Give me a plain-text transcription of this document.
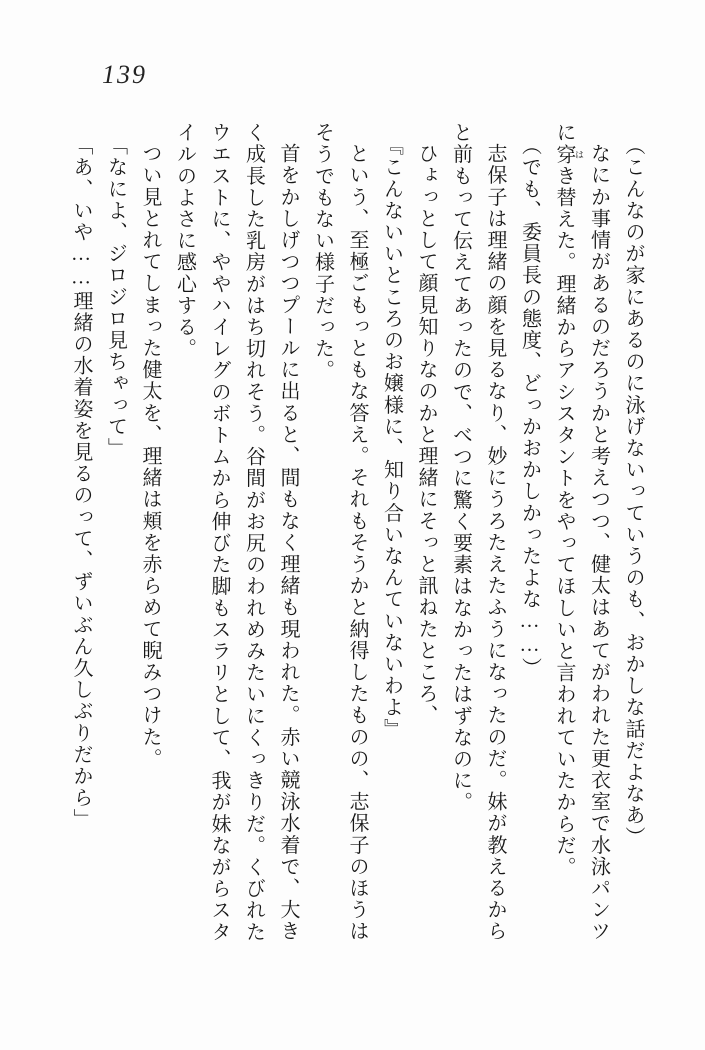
139

（こんなのが家にあるのに泳げないっていうのも、おかしな話だよなあ）

なにか事情があるのだろうかと考えつつ、健太はあてがわれた更衣室で水泳パンツに穿 はき替えた。理緒からアシスタントをやってほしいと言われていたからだ。

（でも、委員長の態度、どっかおかしかったよな……）

志保子は理緒の顔を見るなり、妙にうろたえたふうになったのだ。妹が教えるからと前もって伝えてあったので、べつに驚く要素はなかったはずなのに。

ひょっとして顔見知りなのかと理緒にそっと訊ねたところ、

『こんないいところのお嬢様に、知り合いなんていないわよ』

という、至極ごもっともな答え。それもそうかと納得したものの、志保子のほうはそうでもない様子だった。

首をかしげつつプールに出ると、間もなく理緒も現われた。赤い競泳水着で、大きく成長した乳房がはち切れそう。谷間がお尻のわれめみたいにくっきりだ。くびれたウエストに、ややハイレグのボトムから伸びた脚もスラリとして、我が妹ながらスタイルのよさに感心する。

つい見とれてしまった健太を、理緒は頬を赤らめて睨みつけた。

「なによ、ジロジロ見ちゃって」

「あ、いや……理緒の水着姿を見るのって、ずいぶん久しぶりだから」
